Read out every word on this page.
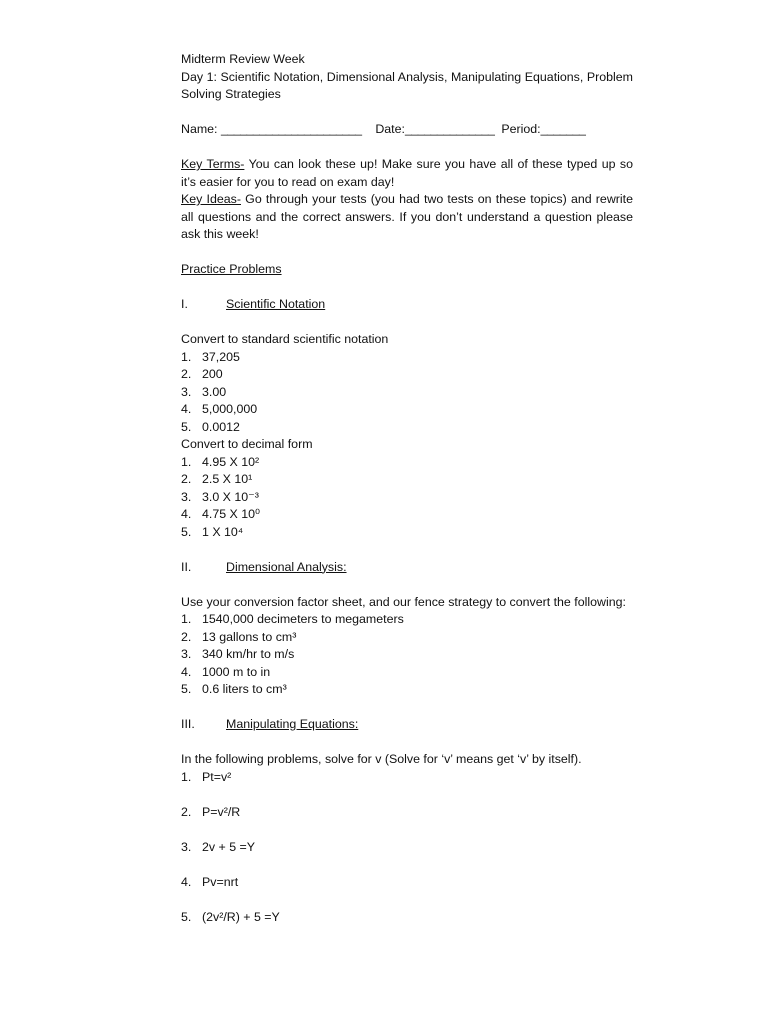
Midterm Review Week
Day 1: Scientific Notation, Dimensional Analysis, Manipulating Equations, Problem Solving Strategies
Name: ______________________ Date:______________ Period:_______
Key Terms- You can look these up! Make sure you have all of these typed up so it’s easier for you to read on exam day!
Key Ideas- Go through your tests (you had two tests on these topics) and rewrite all questions and the correct answers. If you don’t understand a question please ask this week!
Practice Problems
I.	Scientific Notation
Convert to standard scientific notation
1. 37,205
2. 200
3. 3.00
4. 5,000,000
5. 0.0012
Convert to decimal form
1. 4.95 X 10²
2. 2.5 X 10¹
3. 3.0 X 10⁻³
4. 4.75 X 10⁰
5. 1 X 10⁴
II.	Dimensional Analysis:
Use your conversion factor sheet, and our fence strategy to convert the following:
1. 1540,000 decimeters to megameters
2. 13 gallons to cm³
3. 340 km/hr to m/s
4. 1000 m to in
5. 0.6 liters to cm³
III.	Manipulating Equations:
In the following problems, solve for v (Solve for ‘v’ means get ‘v’ by itself).
1. Pt=v²
2. P=v²/R
3. 2v + 5 =Y
4. Pv=nrt
5. (2v²/R) + 5 =Y
